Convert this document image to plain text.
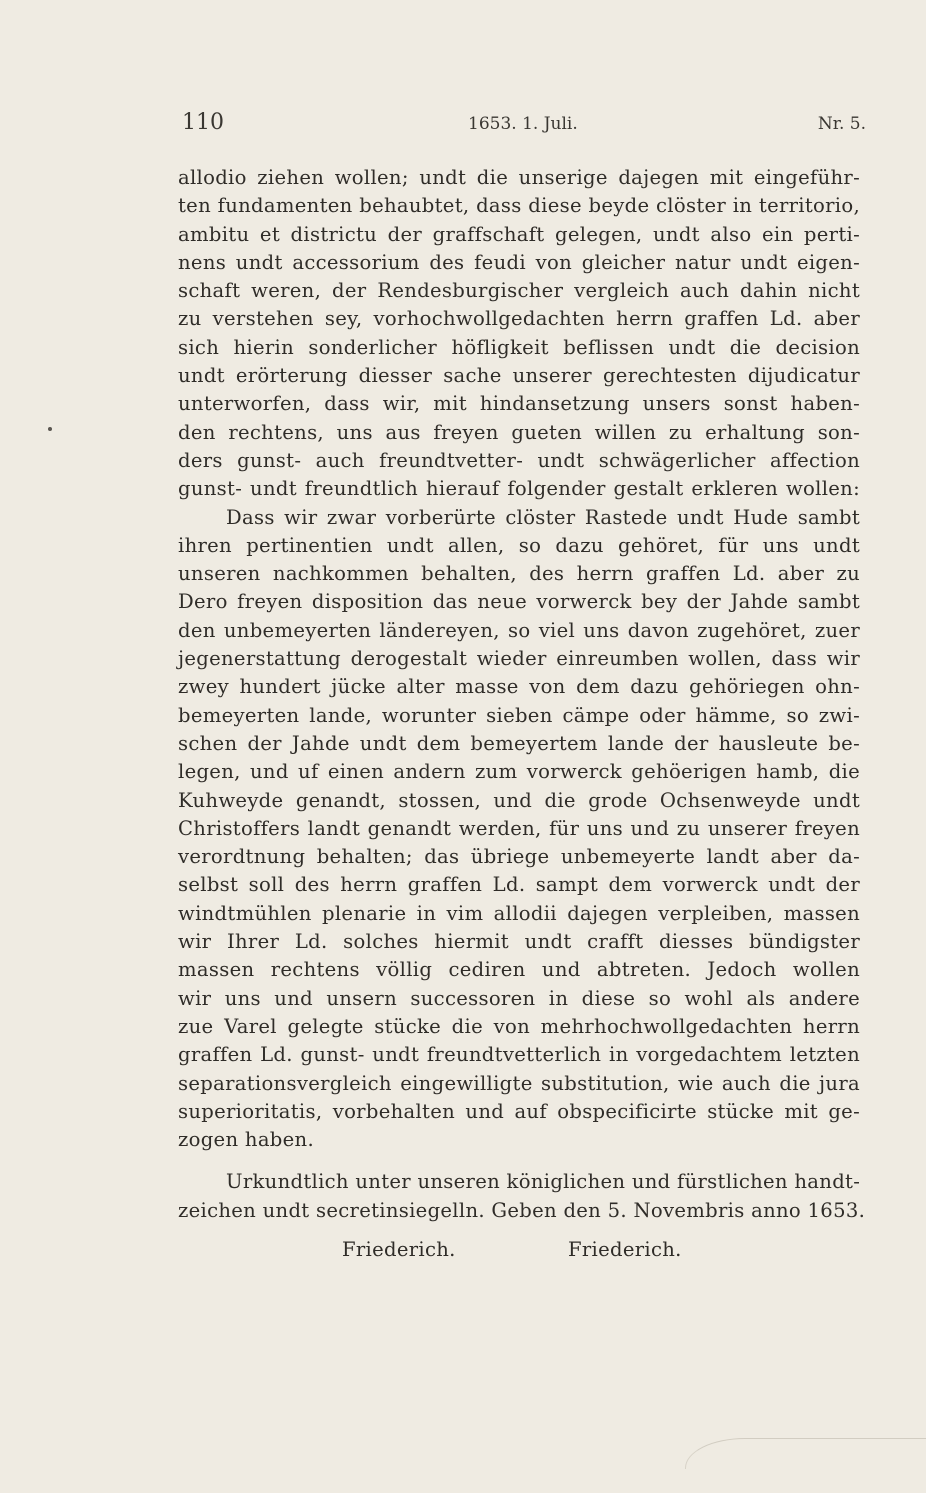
110	1653. 1. Juli.	Nr. 5.
allodio ziehen wollen; undt die unserige dajegen mit eingeführ-
ten fundamenten behaubtet, dass diese beyde clöster in territorio,
ambitu et districtu der graffschaft gelegen, undt also ein perti-
nens undt accessorium des feudi von gleicher natur undt eigen-
schaft weren, der Rendesburgischer vergleich auch dahin nicht
zu verstehen sey, vorhochwollgedachten herrn graffen Ld. aber
sich hierin sonderlicher höfligkeit beflissen undt die decision
undt erörterung diesser sache unserer gerechtesten dijudicatur
unterworfen, dass wir, mit hindansetzung unsers sonst haben-
den rechtens, uns aus freyen gueten willen zu erhaltung son-
ders gunst- auch freundtvetter- undt schwägerlicher affection
gunst- undt freundtlich hierauf folgender gestalt erkleren wollen:
Dass wir zwar vorberürte clöster Rastede undt Hude sambt
ihren pertinentien undt allen, so dazu gehöret, für uns undt
unseren nachkommen behalten, des herrn graffen Ld. aber zu
Dero freyen disposition das neue vorwerck bey der Jahde sambt
den unbemeyerten ländereyen, so viel uns davon zugehöret, zuer
jegenerstattung derogestalt wieder einreumben wollen, dass wir
zwey hundert jücke alter masse von dem dazu gehöriegen ohn-
bemeyerten lande, worunter sieben cämpe oder hämme, so zwi-
schen der Jahde undt dem bemeyertem lande der hausleute be-
legen, und uf einen andern zum vorwerck gehöerigen hamb, die
Kuhweyde genandt, stossen, und die grode Ochsenweyde undt
Christoffers landt genandt werden, für uns und zu unserer freyen
verordtnung behalten; das übriege unbemeyerte landt aber da-
selbst soll des herrn graffen Ld. sampt dem vorwerck undt der
windtmühlen plenarie in vim allodii dajegen verpleiben, massen
wir Ihrer Ld. solches hiermit undt crafft diesses bündigster
massen rechtens völlig cediren und abtreten. Jedoch wollen
wir uns und unsern successoren in diese so wohl als andere
zue Varel gelegte stücke die von mehrhochwollgedachten herrn
graffen Ld. gunst- undt freundtvetterlich in vorgedachtem letzten
separationsvergleich eingewilligte substitution, wie auch die jura
superioritatis, vorbehalten und auf obspecificirte stücke mit ge-
zogen haben.
Urkundtlich unter unseren königlichen und fürstlichen handt-
zeichen undt secretinsiegelln. Geben den 5. Novembris anno 1653.
Friederich.	Friederich.
